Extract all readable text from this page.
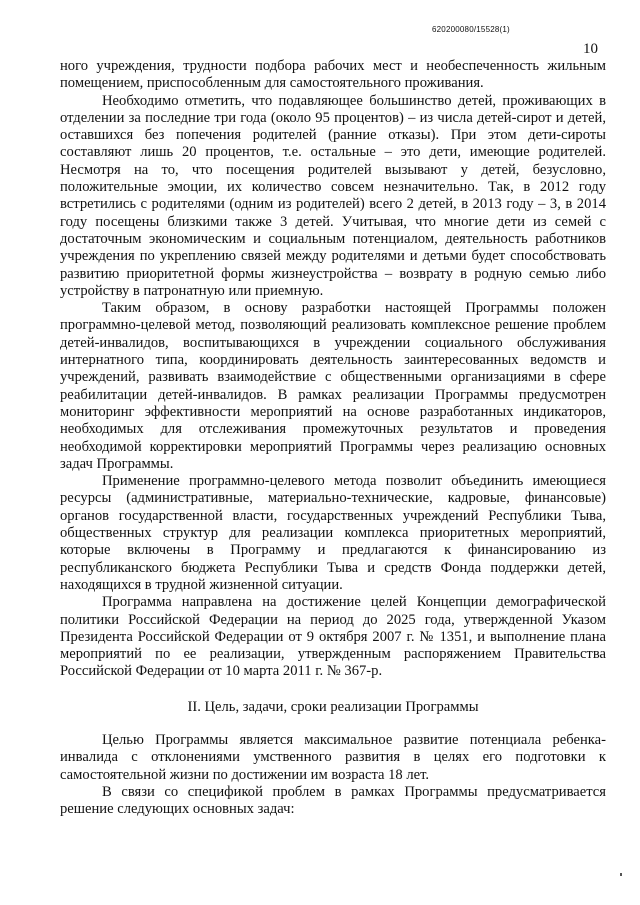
620200080/15528(1)
10

ного учреждения, трудности подбора рабочих мест и необеспеченность жильным помещением, приспособленным для самостоятельного проживания.

Необходимо отметить, что подавляющее большинство детей, проживающих в отделении за последние три года (около 95 процентов) – из числа детей-сирот и детей, оставшихся без попечения родителей (ранние отказы). При этом дети-сироты составляют лишь 20 процентов, т.е. остальные – это дети, имеющие родителей. Несмотря на то, что посещения родителей вызывают у детей, безусловно, положительные эмоции, их количество совсем незначительно. Так, в 2012 году встретились с родителями (одним из родителей) всего 2 детей, в 2013 году – 3, в 2014 году посещены близкими также 3 детей. Учитывая, что многие дети из семей с достаточным экономическим и социальным потенциалом, деятельность работников учреждения по укреплению связей между родителями и детьми будет способствовать развитию приоритетной формы жизнеустройства – возврату в родную семью либо устройству в патронатную или приемную.

Таким образом, в основу разработки настоящей Программы положен программно-целевой метод, позволяющий реализовать комплексное решение проблем детей-инвалидов, воспитывающихся в учреждении социального обслуживания интернатного типа, координировать деятельность заинтересованных ведомств и учреждений, развивать взаимодействие с общественными организациями в сфере реабилитации детей-инвалидов. В рамках реализации Программы предусмотрен мониторинг эффективности мероприятий на основе разработанных индикаторов, необходимых для отслеживания промежуточных результатов и проведения необходимой корректировки мероприятий Программы через реализацию основных задач Программы.

Применение программно-целевого метода позволит объединить имеющиеся ресурсы (административные, материально-технические, кадровые, финансовые) органов государственной власти, государственных учреждений Республики Тыва, общественных структур для реализации комплекса приоритетных мероприятий, которые включены в Программу и предлагаются к финансированию из республиканского бюджета Республики Тыва и средств Фонда поддержки детей, находящихся в трудной жизненной ситуации.

Программа направлена на достижение целей Концепции демографической политики Российской Федерации на период до 2025 года, утвержденной Указом Президента Российской Федерации от 9 октября 2007 г. № 1351, и выполнение плана мероприятий по ее реализации, утвержденным распоряжением Правительства Российской Федерации от 10 марта 2011 г. № 367-р.

II. Цель, задачи, сроки реализации Программы

Целью Программы является максимальное развитие потенциала ребенка-инвалида с отклонениями умственного развития в целях его подготовки к самостоятельной жизни по достижении им возраста 18 лет.

В связи со спецификой проблем в рамках Программы предусматривается решение следующих основных задач:
